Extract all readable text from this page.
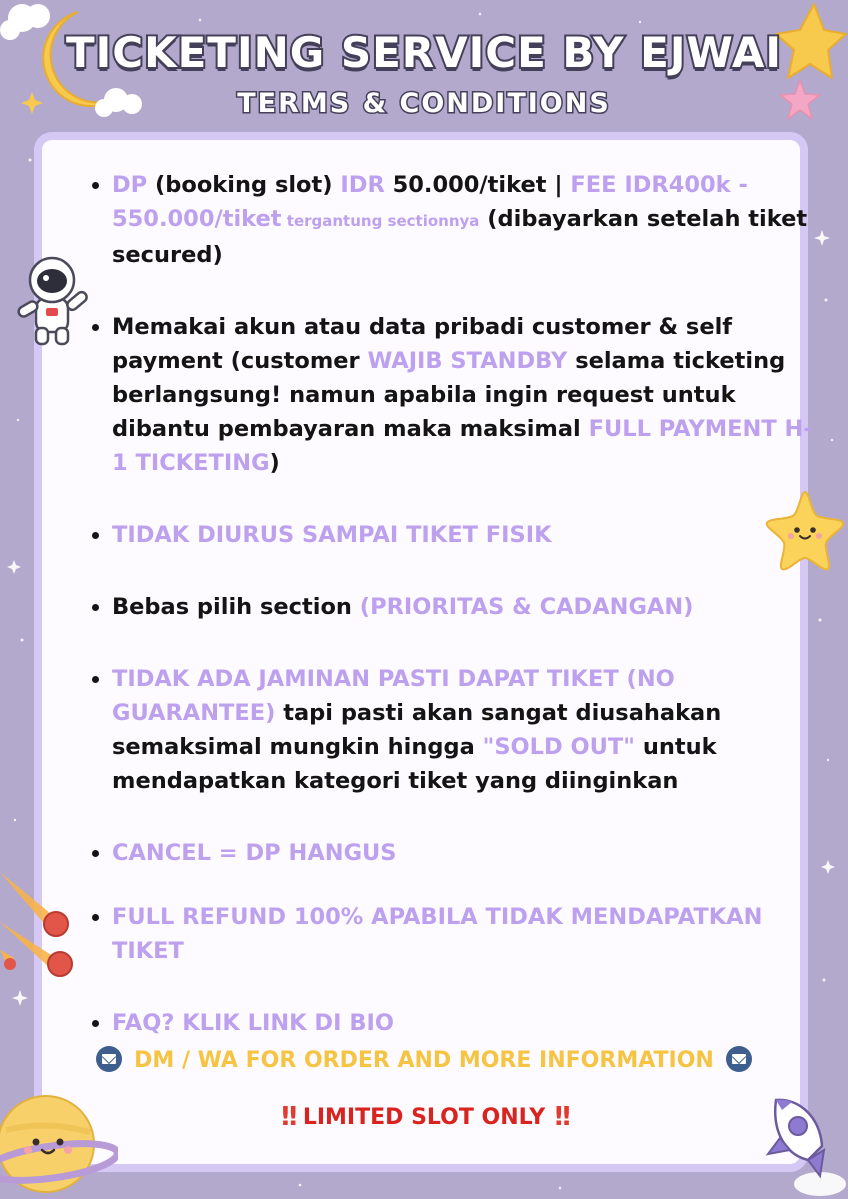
TICKETING SERVICE BY EJWAI
TERMS & CONDITIONS
• DP (booking slot) IDR 50.000/tiket | FEE IDR400k - 550.000/tiket tergantung sectionnya (dibayarkan setelah tiket secured)
• Memakai akun atau data pribadi customer & self payment (customer WAJIB STANDBY selama ticketing berlangsung! namun apabila ingin request untuk dibantu pembayaran maka maksimal FULL PAYMENT H-1 TICKETING)
• TIDAK DIURUS SAMPAI TIKET FISIK
• Bebas pilih section (PRIORITAS & CADANGAN)
• TIDAK ADA JAMINAN PASTI DAPAT TIKET (NO GUARANTEE) tapi pasti akan sangat diusahakan semaksimal mungkin hingga "SOLD OUT" untuk mendapatkan kategori tiket yang diinginkan
• CANCEL = DP HANGUS
• FULL REFUND 100% APABILA TIDAK MENDAPATKAN TIKET
• FAQ? KLIK LINK DI BIO

DM / WA FOR ORDER AND MORE INFORMATION

!! LIMITED SLOT ONLY !!
